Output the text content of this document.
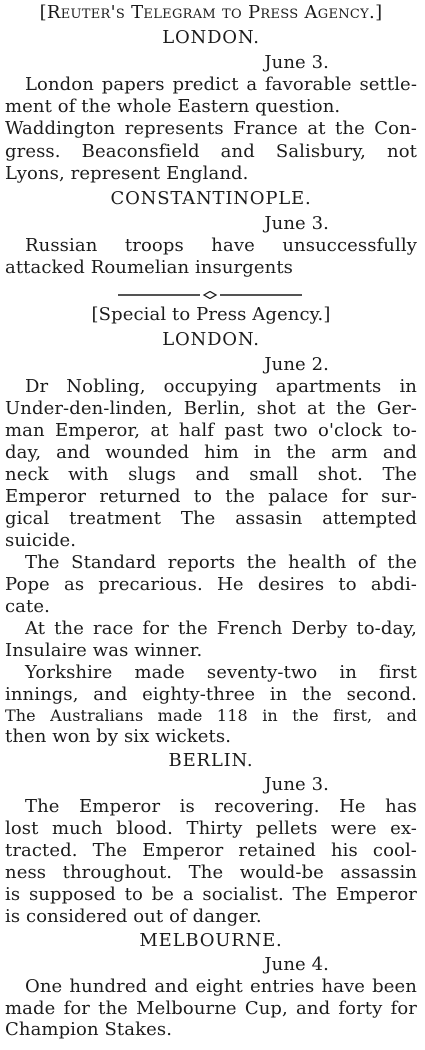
[Reuter's Telegram to Press Agency.]
LONDON.
June 3.
London papers predict a favorable settle-
ment of the whole Eastern question.
Waddington represents France at the Con-
gress. Beaconsfield and Salisbury, not
Lyons, represent England.
CONSTANTINOPLE.
June 3.
Russian troops have unsuccessfully
attacked Roumelian insurgents
[Special to Press Agency.]
LONDON.
June 2.
Dr Nobling, occupying apartments in
Under-den-linden, Berlin, shot at the Ger-
man Emperor, at half past two o'clock to-
day, and wounded him in the arm and
neck with slugs and small shot. The
Emperor returned to the palace for sur-
gical treatment The assasin attempted
suicide.
The Standard reports the health of the
Pope as precarious. He desires to abdi-
cate.
At the race for the French Derby to-day,
Insulaire was winner.
Yorkshire made seventy-two in first
innings, and eighty-three in the second.
The Australians made 118 in the first, and
then won by six wickets.
BERLIN.
June 3.
The Emperor is recovering. He has
lost much blood. Thirty pellets were ex-
tracted. The Emperor retained his cool-
ness throughout. The would-be assassin
is supposed to be a socialist. The Emperor
is considered out of danger.
MELBOURNE.
June 4.
One hundred and eight entries have been
made for the Melbourne Cup, and forty for
Champion Stakes.
